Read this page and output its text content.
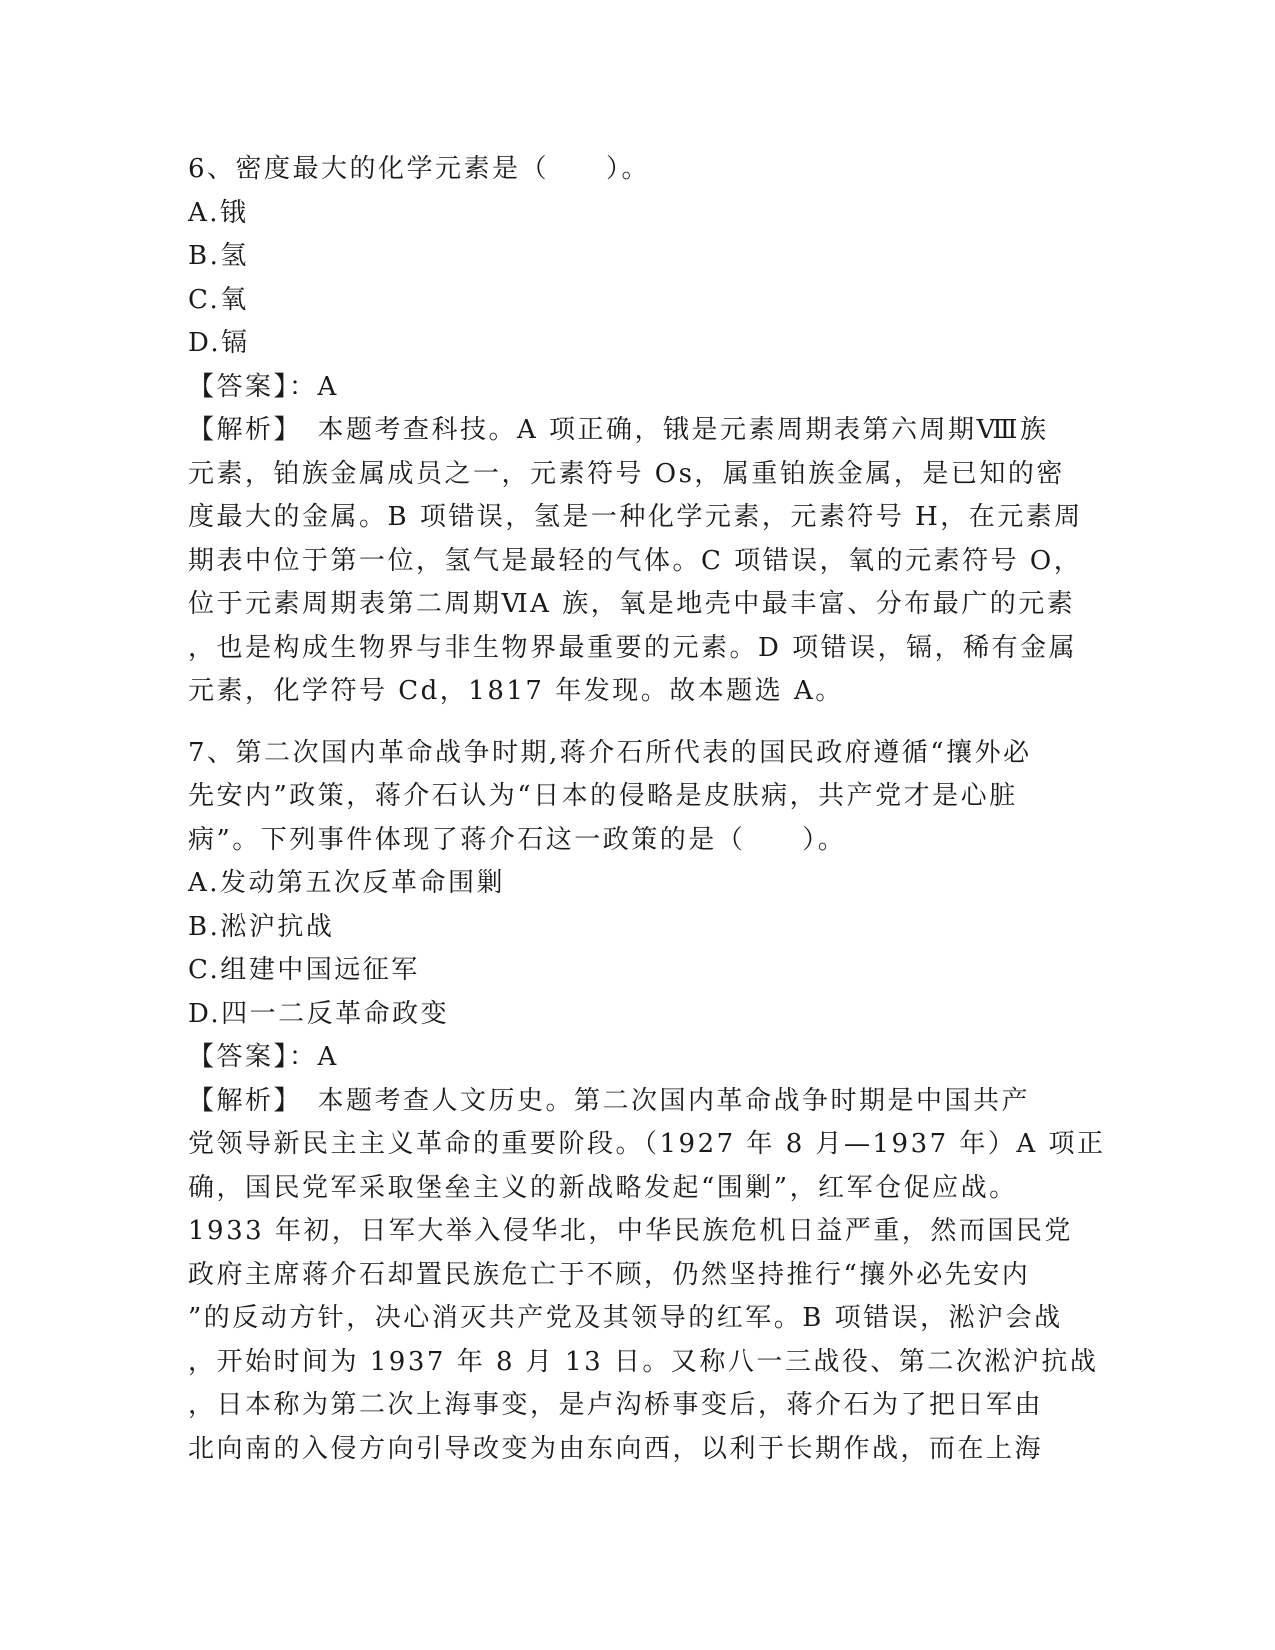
6、密度最大的化学元素是（　　）。
A.锇
B.氢
C.氧
D.镉
【答案】：A
【解析】　本题考查科技。A 项正确，锇是元素周期表第六周期Ⅷ族
元素，铂族金属成员之一，元素符号 Os，属重铂族金属，是已知的密
度最大的金属。B 项错误，氢是一种化学元素，元素符号 H，在元素周
期表中位于第一位，氢气是最轻的气体。C 项错误，氧的元素符号 O，
位于元素周期表第二周期ⅥA 族，氧是地壳中最丰富、分布最广的元素
，也是构成生物界与非生物界最重要的元素。D 项错误，镉，稀有金属
元素，化学符号 Cd，1817 年发现。故本题选 A。
7、第二次国内革命战争时期,蒋介石所代表的国民政府遵循“攘外必
先安内”政策，蒋介石认为“日本的侵略是皮肤病，共产党才是心脏
病”。下列事件体现了蒋介石这一政策的是（　　）。
A.发动第五次反革命围剿
B.淞沪抗战
C.组建中国远征军
D.四一二反革命政变
【答案】：A
【解析】　本题考查人文历史。第二次国内革命战争时期是中国共产
党领导新民主主义革命的重要阶段。（1927 年 8 月—1937 年）A 项正
确，国民党军采取堡垒主义的新战略发起“围剿”，红军仓促应战。
1933 年初，日军大举入侵华北，中华民族危机日益严重，然而国民党
政府主席蒋介石却置民族危亡于不顾，仍然坚持推行“攘外必先安内
”的反动方针，决心消灭共产党及其领导的红军。B 项错误，淞沪会战
，开始时间为 1937 年 8 月 13 日。又称八一三战役、第二次淞沪抗战
，日本称为第二次上海事变，是卢沟桥事变后，蒋介石为了把日军由
北向南的入侵方向引导改变为由东向西，以利于长期作战，而在上海
